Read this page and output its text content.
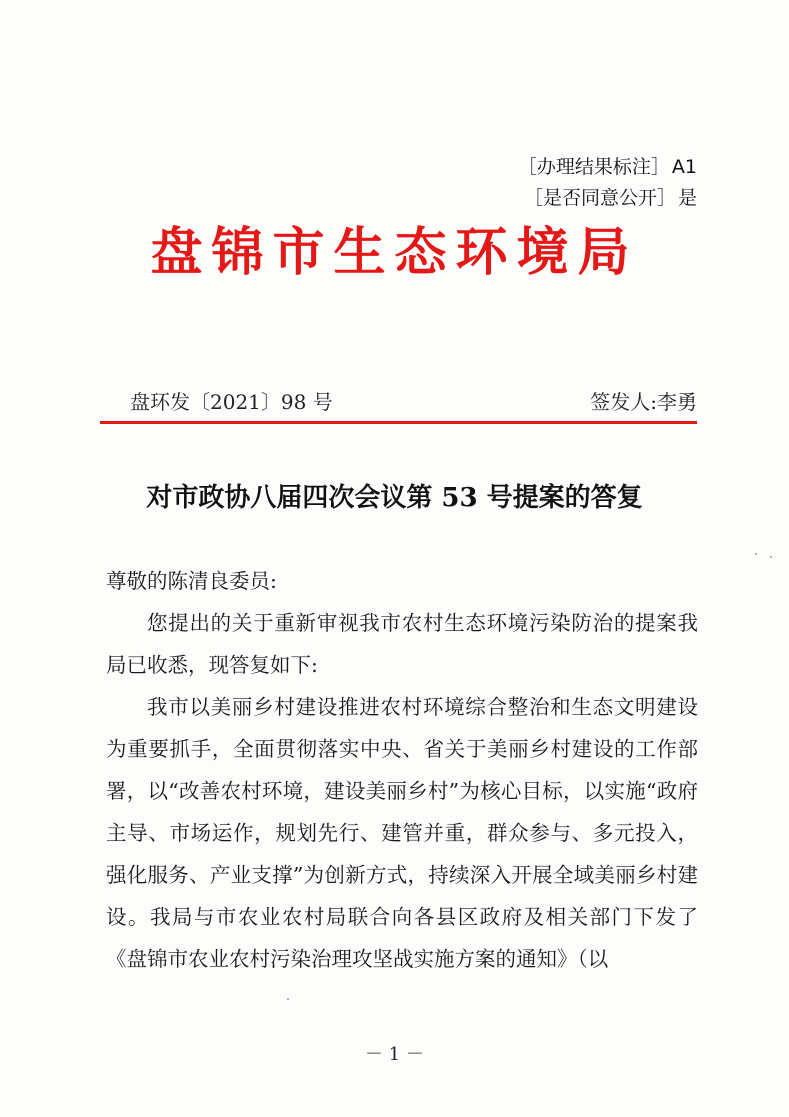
［办理结果标注］ A1
［是否同意公开］ 是
盘锦市生态环境局
盘环发〔2021〕98 号	签发人:李勇
对市政协八届四次会议第 53 号提案的答复

尊敬的陈清良委员:

您提出的关于重新审视我市农村生态环境污染防治的提案我局已收悉，现答复如下:

我市以美丽乡村建设推进农村环境综合整治和生态文明建设为重要抓手，全面贯彻落实中央、省关于美丽乡村建设的工作部署，以“改善农村环境，建设美丽乡村”为核心目标，以实施“政府主导、市场运作，规划先行、建管并重，群众参与、多元投入，强化服务、产业支撑”为创新方式，持续深入开展全域美丽乡村建设。我局与市农业农村局联合向各县区政府及相关部门下发了《盘锦市农业农村污染治理攻坚战实施方案的通知》（以

－ 1 －
